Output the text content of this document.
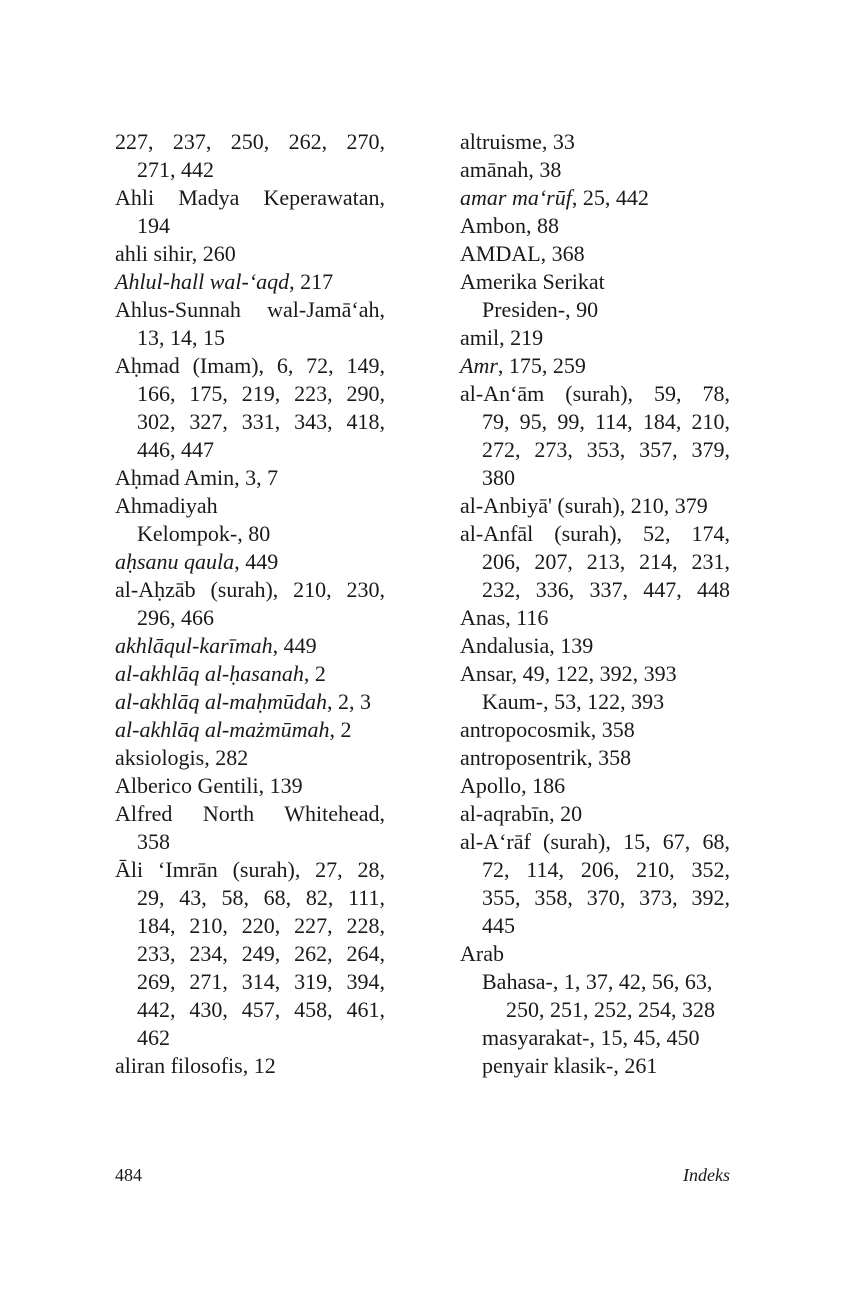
227, 237, 250, 262, 270,
271, 442
Ahli Madya Keperawatan,
194
ahli sihir, 260
Ahlul-hall wal-‘aqd, 217
Ahlus-Sunnah wal-Jamā‘ah,
13, 14, 15
Aḥmad (Imam), 6, 72, 149,
166, 175, 219, 223, 290,
302, 327, 331, 343, 418,
446, 447
Aḥmad Amin, 3, 7
Ahmadiyah
Kelompok-, 80
aḥsanu qaula, 449
al-Aḥzāb (surah), 210, 230,
296, 466
akhlāqul-karīmah, 449
al-akhlāq al-ḥasanah, 2
al-akhlāq al-maḥmūdah, 2, 3
al-akhlāq al-mażmūmah, 2
aksiologis, 282
Alberico Gentili, 139
Alfred North Whitehead,
358
Āli ‘Imrān (surah), 27, 28,
29, 43, 58, 68, 82, 111,
184, 210, 220, 227, 228,
233, 234, 249, 262, 264,
269, 271, 314, 319, 394,
442, 430, 457, 458, 461,
462
aliran filosofis, 12
altruisme, 33
amānah, 38
amar ma‘rūf, 25, 442
Ambon, 88
AMDAL, 368
Amerika Serikat
Presiden-, 90
amil, 219
Amr, 175, 259
al-An‘ām (surah), 59, 78,
79, 95, 99, 114, 184, 210,
272, 273, 353, 357, 379,
380
al-Anbiyā' (surah), 210, 379
al-Anfāl (surah), 52, 174,
206, 207, 213, 214, 231,
232, 336, 337, 447, 448
Anas, 116
Andalusia, 139
Ansar, 49, 122, 392, 393
Kaum-, 53, 122, 393
antropocosmik, 358
antroposentrik, 358
Apollo, 186
al-aqrabīn, 20
al-A‘rāf (surah), 15, 67, 68,
72, 114, 206, 210, 352,
355, 358, 370, 373, 392,
445
Arab
Bahasa-, 1, 37, 42, 56, 63,
250, 251, 252, 254, 328
masyarakat-, 15, 45, 450
penyair klasik-, 261
484	Indeks
